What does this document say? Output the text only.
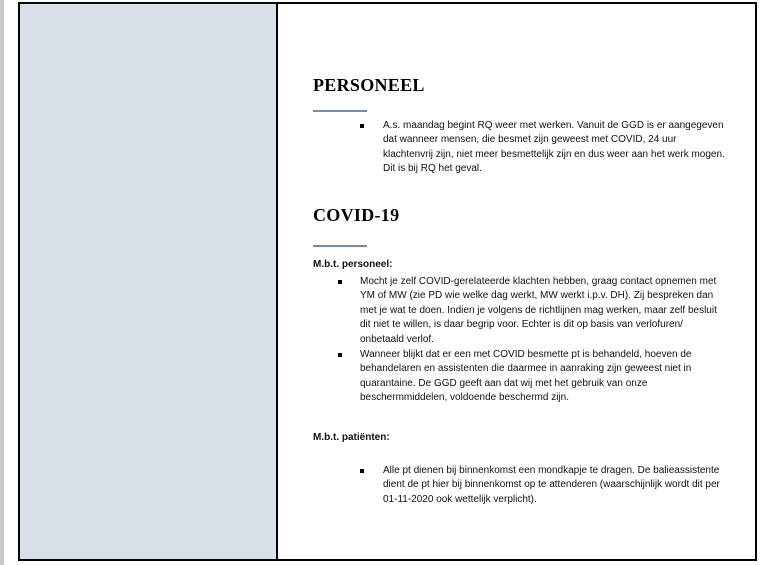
PERSONEEL
A.s. maandag begint RQ weer met werken. Vanuit de GGD is er aangegeven dat wanneer mensen, die besmet zijn geweest met COVID, 24 uur klachtenvrij zijn, niet meer besmettelijk zijn en dus weer aan het werk mogen. Dit is bij RQ het geval.
COVID-19

M.b.t. personeel:

Mocht je zelf COVID-gerelateerde klachten hebben, graag contact opnemen met YM of MW (zie PD wie welke dag werkt, MW werkt i.p.v. DH). Zij bespreken dan met je wat te doen. Indien je volgens de richtlijnen mag werken, maar zelf besluit dit niet te willen, is daar begrip voor. Echter is dit op basis van verlofuren/ onbetaald verlof.
Wanneer blijkt dat er een met COVID besmette pt is behandeld, hoeven de behandelaren en assistenten die daarmee in aanraking zijn geweest niet in quarantaine. De GGD geeft aan dat wij met het gebruik van onze beschermmiddelen, voldoende beschermd zijn.

M.b.t. patiënten:

Alle pt dienen bij binnenkomst een mondkapje te dragen. De balieassistente dient de pt hier bij binnenkomst op te attenderen (waarschijnlijk wordt dit per 01-11-2020 ook wettelijk verplicht).
